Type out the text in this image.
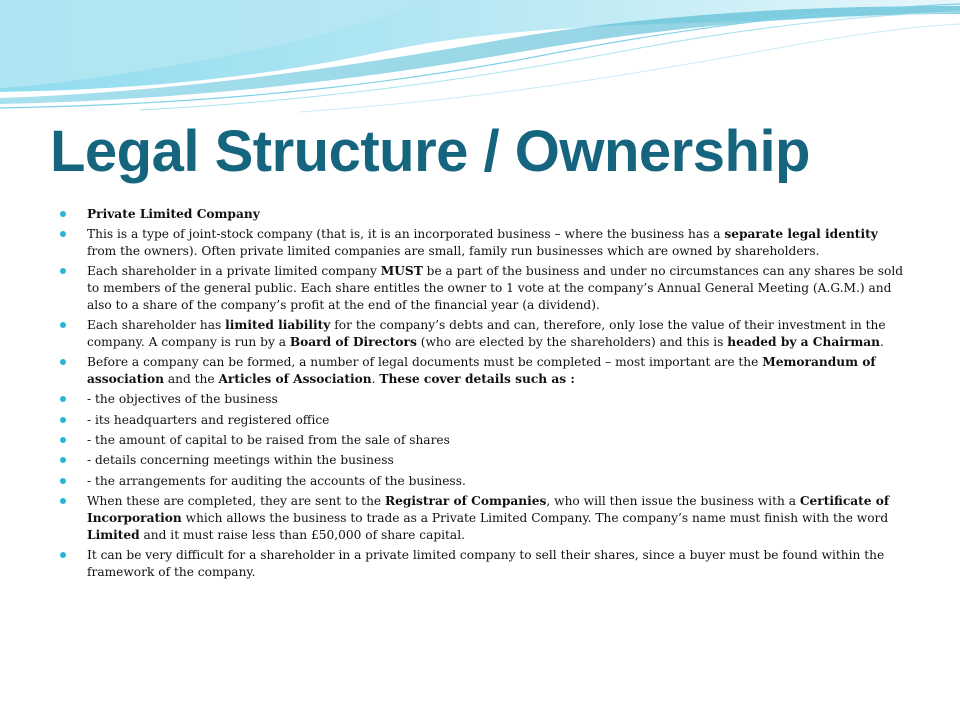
Legal Structure / Ownership
Private Limited Company
This is a type of joint-stock company (that is, it is an incorporated business – where the business has a separate legal identity from the owners). Often private limited companies are small, family run businesses which are owned by shareholders.
Each shareholder in a private limited company MUST be a part of the business and under no circumstances can any shares be sold to members of the general public. Each share entitles the owner to 1 vote at the company’s Annual General Meeting (A.G.M.) and also to a share of the company’s profit at the end of the financial year (a dividend).
Each shareholder has limited liability for the company’s debts and can, therefore, only lose the value of their investment in the company. A company is run by a Board of Directors (who are elected by the shareholders) and this is headed by a Chairman.
Before a company can be formed, a number of legal documents must be completed – most important are the Memorandum of association and the Articles of Association. These cover details such as :
- the objectives of the business
- its headquarters and registered office
- the amount of capital to be raised from the sale of shares
- details concerning meetings within the business
- the arrangements for auditing the accounts of the business.
When these are completed, they are sent to the Registrar of Companies, who will then issue the business with a Certificate of Incorporation which allows the business to trade as a Private Limited Company. The company’s name must finish with the word Limited and it must raise less than £50,000 of share capital.
It can be very difficult for a shareholder in a private limited company to sell their shares, since a buyer must be found within the framework of the company.
